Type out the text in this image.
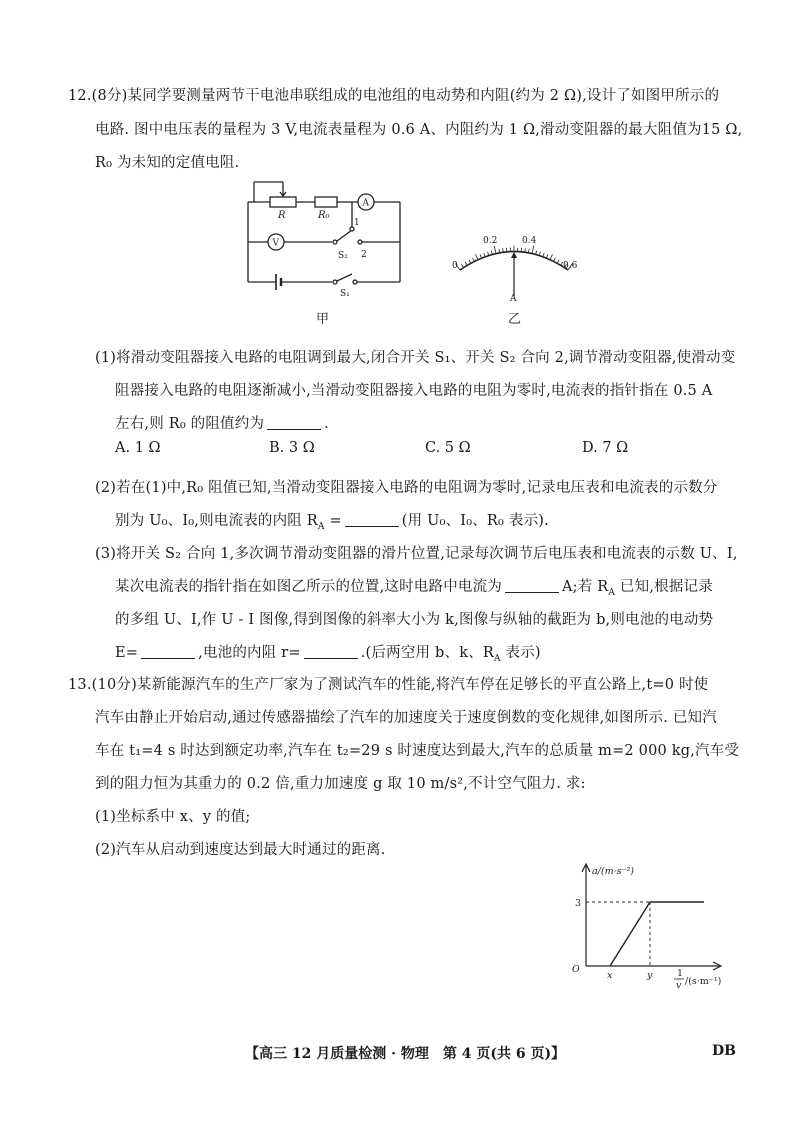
12.(8分)某同学要测量两节干电池串联组成的电池组的电动势和内阻(约为 2 Ω),设计了如图甲所示的
电路. 图中电压表的量程为 3 V,电流表量程为 0.6 A、内阻约为 1 Ω,滑动变阻器的最大阻值为15 Ω,
R₀ 为未知的定值电阻.
R	R₀
A
V
1
2
S₂
S₁
甲
0
0.2	0.4
0.6
A
乙
(1)将滑动变阻器接入电路的电阻调到最大,闭合开关 S₁、开关 S₂ 合向 2,调节滑动变阻器,使滑动变
阻器接入电路的电阻逐渐减小,当滑动变阻器接入电路的电阻为零时,电流表的指针指在 0.5 A
左右,则 R₀ 的阻值约为	.
A. 1 Ω	B. 3 Ω	C. 5 Ω	D. 7 Ω
(2)若在(1)中,R₀ 阻值已知,当滑动变阻器接入电路的电阻调为零时,记录电压表和电流表的示数分
别为 U₀、I₀,则电流表的内阻 $R_A$ =	(用 U₀、I₀、R₀ 表示).
(3)将开关 S₂ 合向 1,多次调节滑动变阻器的滑片位置,记录每次调节后电压表和电流表的示数 U、I,
某次电流表的指针指在如图乙所示的位置,这时电路中电流为	A;若 $R_A$ 已知,根据记录
的多组 U、I,作 U - I 图像,得到图像的斜率大小为 k,图像与纵轴的截距为 b,则电池的电动势
E=	,电池的内阻 r=	.(后两空用 b、k、$R_A$ 表示)
13.(10分)某新能源汽车的生产厂家为了测试汽车的性能,将汽车停在足够长的平直公路上,t=0 时使
汽车由静止开始启动,通过传感器描绘了汽车的加速度关于速度倒数的变化规律,如图所示. 已知汽
车在 t₁=4 s 时达到额定功率,汽车在 t₂=29 s 时速度达到最大,汽车的总质量 m=2 000 kg,汽车受
到的阻力恒为其重力的 0.2 倍,重力加速度 g 取 10 m/s²,不计空气阻力. 求:
(1)坐标系中 x、y 的值;
(2)汽车从启动到速度达到最大时通过的距离.
a/(m·s⁻²)
3
O
x	y	1
v /(s·m⁻¹)
【高三 12 月质量检测 · 物理　第 4 页(共 6 页)】	DB
